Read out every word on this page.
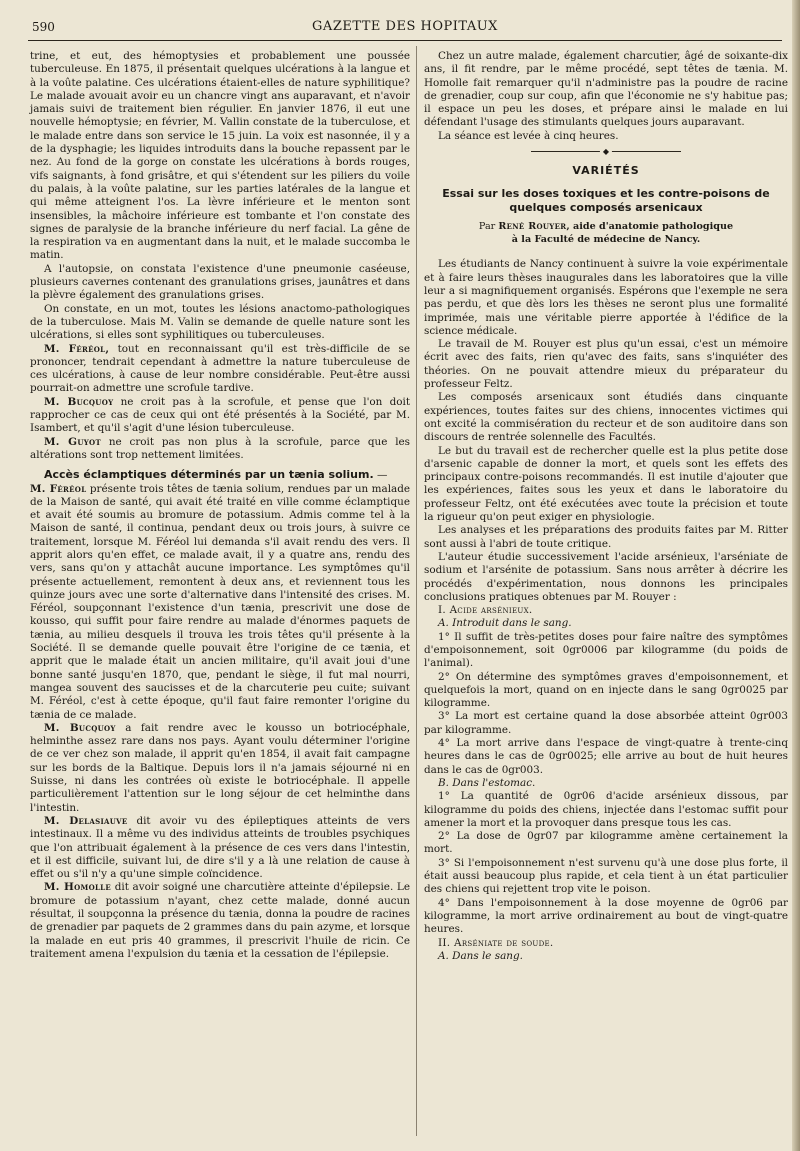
590	GAZETTE DES HOPITAUX

trine, et eut, des hémoptysies et probablement une poussée tuberculeuse. En 1875, il présentait quelques ulcérations à la langue et à la voûte palatine. Ces ulcérations étaient-elles de nature syphilitique? Le malade avouait avoir eu un chancre vingt ans auparavant, et n'avoir jamais suivi de traitement bien régulier. En janvier 1876, il eut une nouvelle hémoptysie; en février, M. Vallin constate de la tuberculose, et le malade entre dans son service le 15 juin. La voix est nasonnée, il y a de la dysphagie; les liquides introduits dans la bouche repassent par le nez. Au fond de la gorge on constate les ulcérations à bords rouges, vifs saignants, à fond grisâtre, et qui s'étendent sur les piliers du voile du palais, à la voûte palatine, sur les parties latérales de la langue et qui même atteignent l'os. La lèvre inférieure et le menton sont insensibles, la mâchoire inférieure est tombante et l'on constate des signes de paralysie de la branche inférieure du nerf facial. La gêne de la respiration va en augmentant dans la nuit, et le malade succomba le matin.

A l'autopsie, on constata l'existence d'une pneumonie caséeuse, plusieurs cavernes contenant des granulations grises, jaunâtres et dans la plèvre également des granulations grises.

On constate, en un mot, toutes les lésions anactomo-pathologiques de la tuberculose. Mais M. Valin se demande de quelle nature sont les ulcérations, si elles sont syphilitiques ou tuberculeuses.

M. Féréol, tout en reconnaissant qu'il est très-difficile de se prononcer, tendrait cependant à admettre la nature tuberculeuse de ces ulcérations, à cause de leur nombre considérable. Peut-être aussi pourrait-on admettre une scrofule tardive.

M. Bucquoy ne croit pas à la scrofule, et pense que l'on doit rapprocher ce cas de ceux qui ont été présentés à la Société, par M. Isambert, et qu'il s'agit d'une lésion tuberculeuse.

M. Guyot ne croit pas non plus à la scrofule, parce que les altérations sont trop nettement limitées.

Accès éclamptiques déterminés par un tænia solium. —

M. Féréol présente trois têtes de tænia solium, rendues par un malade de la Maison de santé, qui avait été traité en ville comme éclamptique et avait été soumis au bromure de potassium. Admis comme tel à la Maison de santé, il continua, pendant deux ou trois jours, à suivre ce traitement, lorsque M. Féréol lui demanda s'il avait rendu des vers. Il apprit alors qu'en effet, ce malade avait, il y a quatre ans, rendu des vers, sans qu'on y attachât aucune importance. Les symptômes qu'il présente actuellement, remontent à deux ans, et reviennent tous les quinze jours avec une sorte d'alternative dans l'intensité des crises. M. Féréol, soupçonnant l'existence d'un tænia, prescrivit une dose de kousso, qui suffit pour faire rendre au malade d'énormes paquets de tænia, au milieu desquels il trouva les trois têtes qu'il présente à la Société. Il se demande quelle pouvait être l'origine de ce tænia, et apprit que le malade était un ancien militaire, qu'il avait joui d'une bonne santé jusqu'en 1870, que, pendant le siège, il fut mal nourri, mangea souvent des saucisses et de la charcuterie peu cuite; suivant M. Féréol, c'est à cette époque, qu'il faut faire remonter l'origine du tænia de ce malade.

M. Bucquoy a fait rendre avec le kousso un botriocéphale, helminthe assez rare dans nos pays. Ayant voulu déterminer l'origine de ce ver chez son malade, il apprit qu'en 1854, il avait fait campagne sur les bords de la Baltique. Depuis lors il n'a jamais séjourné ni en Suisse, ni dans les contrées où existe le botriocéphale. Il appelle particulièrement l'attention sur le long séjour de cet helminthe dans l'intestin.

M. Delasiauve dit avoir vu des épileptiques atteints de vers intestinaux. Il a même vu des individus atteints de troubles psychiques que l'on attribuait également à la présence de ces vers dans l'intestin, et il est difficile, suivant lui, de dire s'il y a là une relation de cause à effet ou s'il n'y a qu'une simple coïncidence.

M. Homolle dit avoir soigné une charcutière atteinte d'épilepsie. Le bromure de potassium n'ayant, chez cette malade, donné aucun résultat, il soupçonna la présence du tænia, donna la poudre de racines de grenadier par paquets de 2 grammes dans du pain azyme, et lorsque la malade en eut pris 40 grammes, il prescrivit l'huile de ricin. Ce traitement amena l'expulsion du tænia et la cessation de l'épilepsie.

Chez un autre malade, également charcutier, âgé de soixante-dix ans, il fit rendre, par le même procédé, sept têtes de tænia. M. Homolle fait remarquer qu'il n'administre pas la poudre de racine de grenadier, coup sur coup, afin que l'économie ne s'y habitue pas; il espace un peu les doses, et prépare ainsi le malade en lui défendant l'usage des stimulants quelques jours auparavant.

La séance est levée à cinq heures.

◆
VARIÉTÉS
Essai sur les doses toxiques et les contre-poisons de quelques composés arsenicaux
Par René Rouyer, aide d'anatomie pathologique
à la Faculté de médecine de Nancy.

Les étudiants de Nancy continuent à suivre la voie expérimentale et à faire leurs thèses inaugurales dans les laboratoires que la ville leur a si magnifiquement organisés. Espérons que l'exemple ne sera pas perdu, et que dès lors les thèses ne seront plus une formalité imprimée, mais une véritable pierre apportée à l'édifice de la science médicale.

Le travail de M. Rouyer est plus qu'un essai, c'est un mémoire écrit avec des faits, rien qu'avec des faits, sans s'inquiéter des théories. On ne pouvait attendre mieux du préparateur du professeur Feltz.

Les composés arsenicaux sont étudiés dans cinquante expériences, toutes faites sur des chiens, innocentes victimes qui ont excité la commisération du recteur et de son auditoire dans son discours de rentrée solennelle des Facultés.

Le but du travail est de rechercher quelle est la plus petite dose d'arsenic capable de donner la mort, et quels sont les effets des principaux contre-poisons recommandés. Il est inutile d'ajouter que les expériences, faites sous les yeux et dans le laboratoire du professeur Feltz, ont été exécutées avec toute la précision et toute la rigueur qu'on peut exiger en physiologie.

Les analyses et les préparations des produits faites par M. Ritter sont aussi à l'abri de toute critique.

L'auteur étudie successivement l'acide arsénieux, l'arséniate de sodium et l'arsénite de potassium. Sans nous arrêter à décrire les procédés d'expérimentation, nous donnons les principales conclusions pratiques obtenues par M. Rouyer :

I. Acide arsénieux.

A. Introduit dans le sang.

1° Il suffit de très-petites doses pour faire naître des symptômes d'empoisonnement, soit 0gr0006 par kilogramme (du poids de l'animal).

2° On détermine des symptômes graves d'empoisonnement, et quelquefois la mort, quand on en injecte dans le sang 0gr0025 par kilogramme.

3° La mort est certaine quand la dose absorbée atteint 0gr003 par kilogramme.

4° La mort arrive dans l'espace de vingt-quatre à trente-cinq heures dans le cas de 0gr0025; elle arrive au bout de huit heures dans le cas de 0gr003.

B. Dans l'estomac.

1° La quantité de 0gr06 d'acide arsénieux dissous, par kilogramme du poids des chiens, injectée dans l'estomac suffit pour amener la mort et la provoquer dans presque tous les cas.

2° La dose de 0gr07 par kilogramme amène certainement la mort.

3° Si l'empoisonnement n'est survenu qu'à une dose plus forte, il était aussi beaucoup plus rapide, et cela tient à un état particulier des chiens qui rejettent trop vite le poison.

4° Dans l'empoisonnement à la dose moyenne de 0gr06 par kilogramme, la mort arrive ordinairement au bout de vingt-quatre heures.

II. Arséniate de soude.

A. Dans le sang.
